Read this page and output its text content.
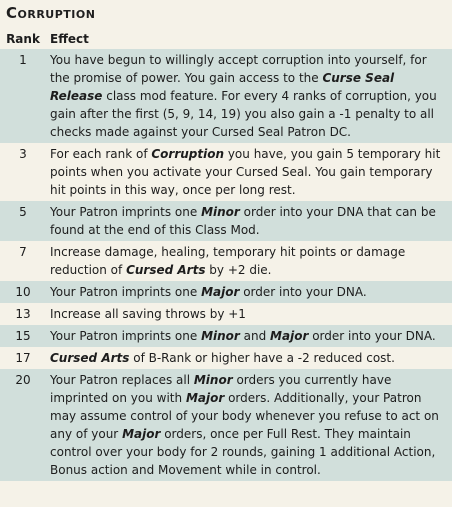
Corruption
Rank	Effect
1	You have begun to willingly accept corruption into yourself, for the promise of power. You gain access to the Curse Seal Release class mod feature. For every 4 ranks of corruption, you gain after the first (5, 9, 14, 19) you also gain a -1 penalty to all checks made against your Cursed Seal Patron DC.
3	For each rank of Corruption you have, you gain 5 temporary hit points when you activate your Cursed Seal. You gain temporary hit points in this way, once per long rest.
5	Your Patron imprints one Minor order into your DNA that can be found at the end of this Class Mod.
7	Increase damage, healing, temporary hit points or damage reduction of Cursed Arts by +2 die.
10	Your Patron imprints one Major order into your DNA.
13	Increase all saving throws by +1
15	Your Patron imprints one Minor and Major order into your DNA.
17	Cursed Arts of B-Rank or higher have a -2 reduced cost.
20	Your Patron replaces all Minor orders you currently have imprinted on you with Major orders. Additionally, your Patron may assume control of your body whenever you refuse to act on any of your Major orders, once per Full Rest. They maintain control over your body for 2 rounds, gaining 1 additional Action, Bonus action and Movement while in control.
